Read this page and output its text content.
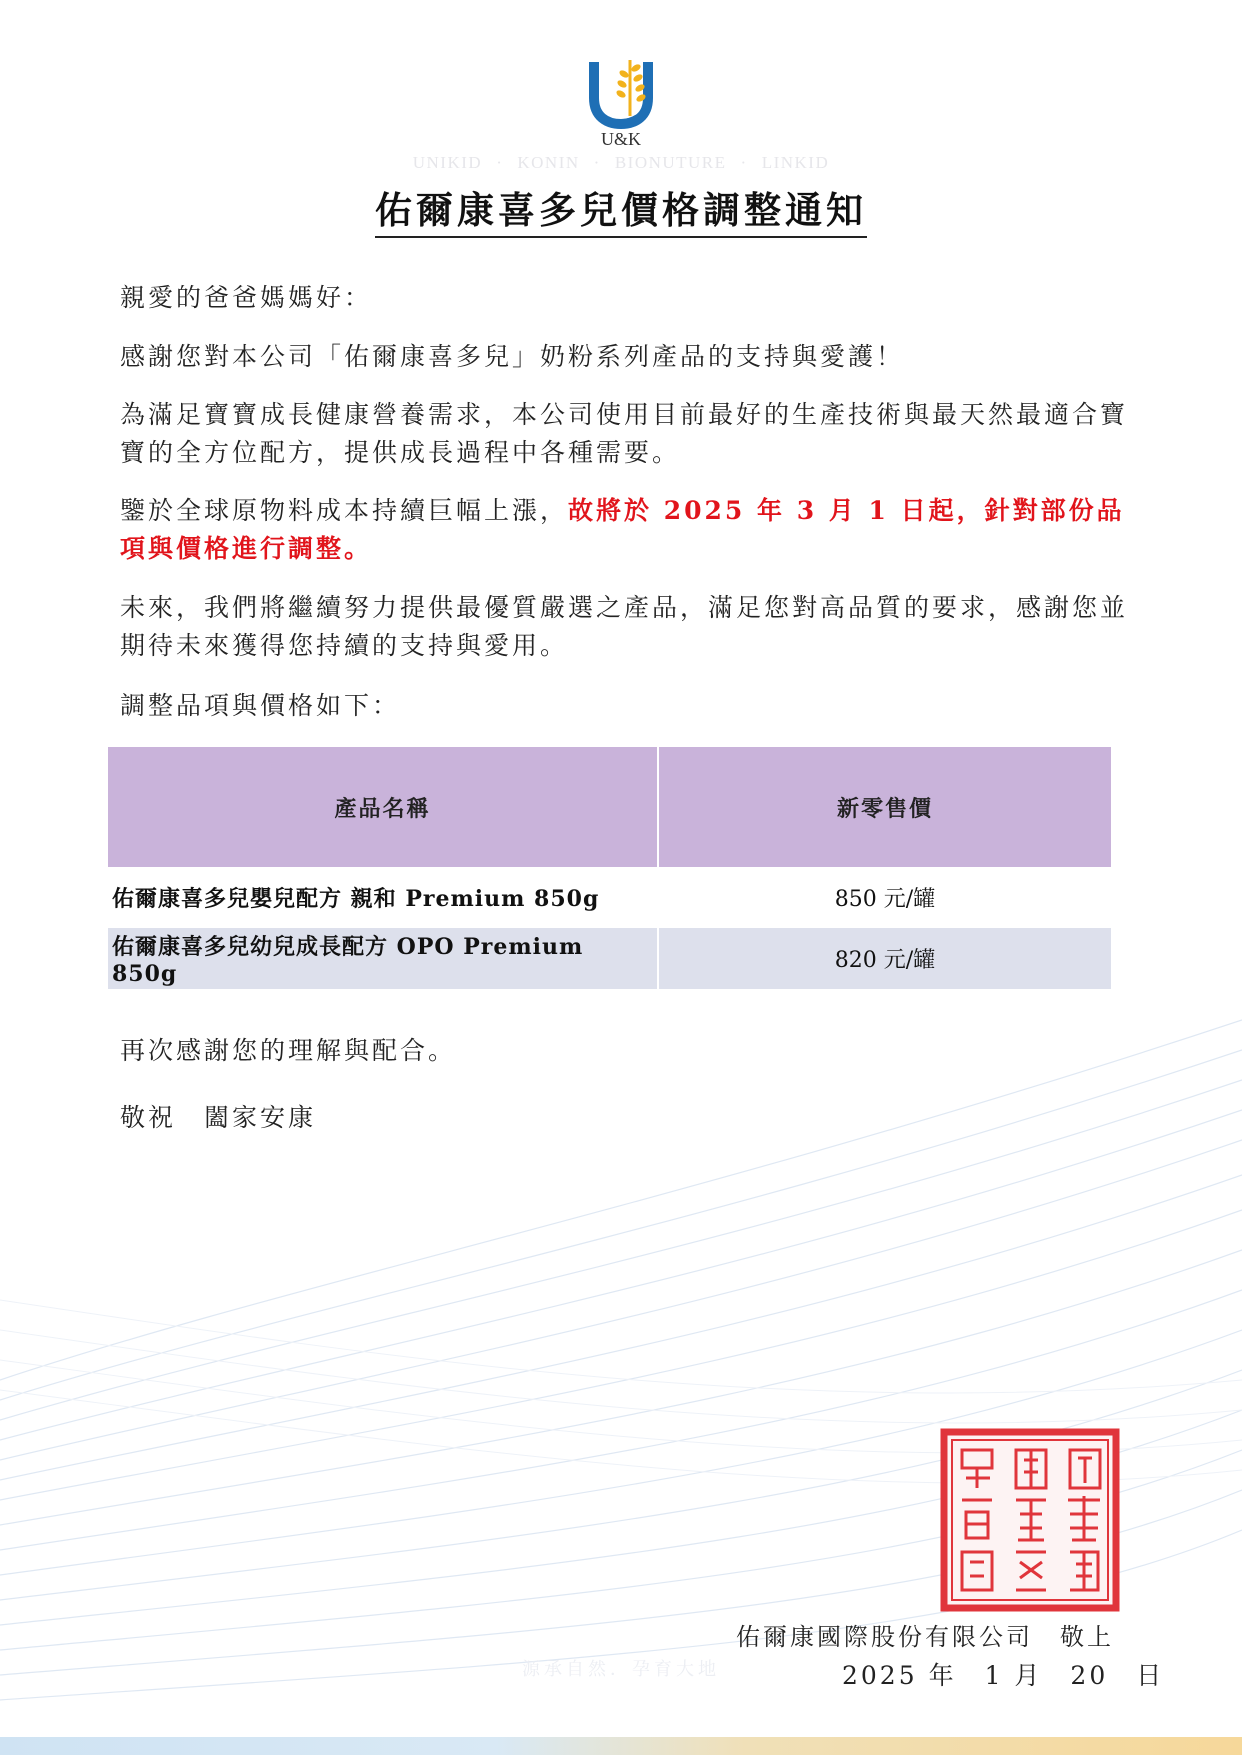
U&K
UNIKID · KONIN · BIONUTURE · LINKID
佑爾康喜多兒價格調整通知

親愛的爸爸媽媽好：

感謝您對本公司「佑爾康喜多兒」奶粉系列產品的支持與愛護！

為滿足寶寶成長健康營養需求，本公司使用目前最好的生產技術與最天然最適合寶寶的全方位配方，提供成長過程中各種需要。

鑒於全球原物料成本持續巨幅上漲，故將於 2025 年 3 月 1 日起，針對部份品項與價格進行調整。

未來，我們將繼續努力提供最優質嚴選之產品，滿足您對高品質的要求，感謝您並期待未來獲得您持續的支持與愛用。

調整品項與價格如下：

產品名稱	新零售價
佑爾康喜多兒嬰兒配方 親和 Premium 850g	850 元/罐
佑爾康喜多兒幼兒成長配方 OPO Premium 850g	820 元/罐

再次感謝您的理解與配合。

敬祝　闔家安康

源承自然．孕育大地
佑爾康國際股份有限公司　敬上
2025 年　1 月　20　日
